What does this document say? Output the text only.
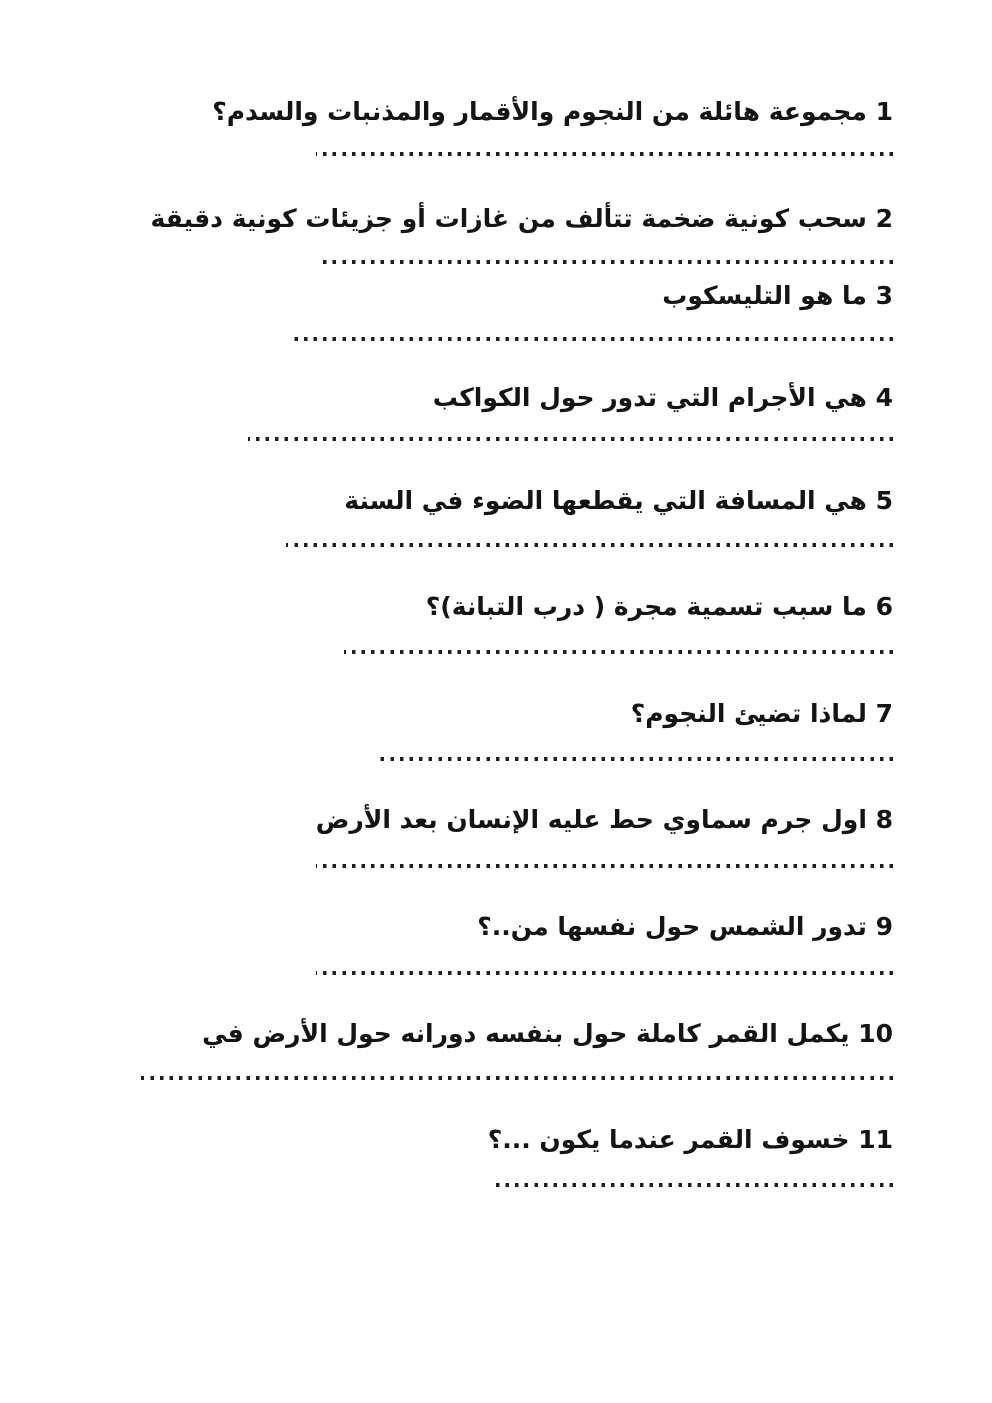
1 مجموعة هائلة من النجوم والأقمار والمذنبات والسدم؟
2 سحب كونية ضخمة تتألف من غازات أو جزيئات كونية دقيقة
3 ما هو التليسكوب
4 هي الأجرام التي تدور حول الكواكب
5 هي المسافة التي يقطعها الضوء في السنة
6 ما سبب تسمية مجرة ( درب التبانة)؟
7 لماذا تضيئ النجوم؟
8 اول جرم سماوي حط عليه الإنسان بعد الأرض
9 تدور الشمس حول نفسها من..؟
10 يكمل القمر كاملة حول بنفسه دورانه حول الأرض في
11 خسوف القمر عندما يكون ...؟
